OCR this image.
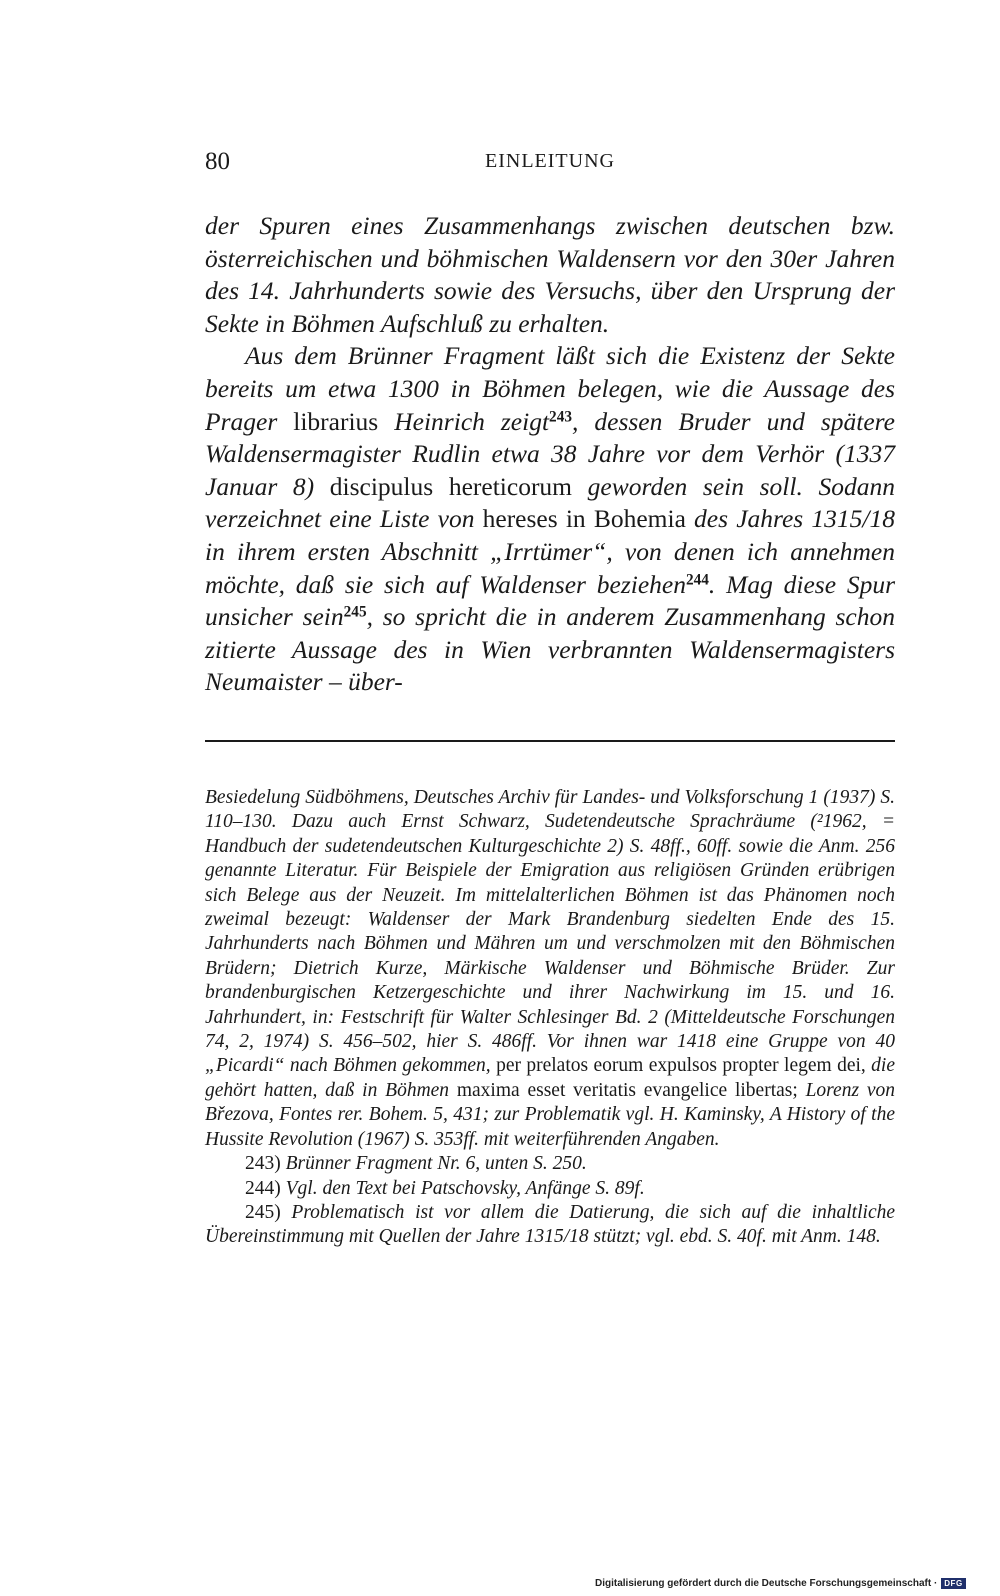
80	EINLEITUNG

der Spuren eines Zusammenhangs zwischen deutschen bzw. österreichischen und böhmischen Waldensern vor den 30er Jahren des 14. Jahrhunderts sowie des Versuchs, über den Ursprung der Sekte in Böhmen Aufschluß zu erhalten.

Aus dem Brünner Fragment läßt sich die Existenz der Sekte bereits um etwa 1300 in Böhmen belegen, wie die Aussage des Prager librarius Heinrich zeigt$^{243}$, dessen Bruder und spätere Waldensermagister Rudlin etwa 38 Jahre vor dem Verhör (1337 Januar 8) discipulus hereticorum geworden sein soll. Sodann verzeichnet eine Liste von hereses in Bohemia des Jahres 1315/18 in ihrem ersten Abschnitt „Irrtümer“, von denen ich annehmen möchte, daß sie sich auf Waldenser beziehen$^{244}$. Mag diese Spur unsicher sein$^{245}$, so spricht die in anderem Zusammenhang schon zitierte Aussage des in Wien verbrannten Waldensermagisters Neumaister – über-

Besiedelung Südböhmens, Deutsches Archiv für Landes- und Volksforschung 1 (1937) S. 110–130. Dazu auch Ernst Schwarz, Sudetendeutsche Sprachräume (²1962, = Handbuch der sudetendeutschen Kulturgeschichte 2) S. 48ff., 60ff. sowie die Anm. 256 genannte Literatur. Für Beispiele der Emigration aus religiösen Gründen erübrigen sich Belege aus der Neuzeit. Im mittelalterlichen Böhmen ist das Phänomen noch zweimal bezeugt: Waldenser der Mark Brandenburg siedelten Ende des 15. Jahrhunderts nach Böhmen und Mähren um und verschmolzen mit den Böhmischen Brüdern; Dietrich Kurze, Märkische Waldenser und Böhmische Brüder. Zur brandenburgischen Ketzergeschichte und ihrer Nachwirkung im 15. und 16. Jahrhundert, in: Festschrift für Walter Schlesinger Bd. 2 (Mitteldeutsche Forschungen 74, 2, 1974) S. 456–502, hier S. 486ff. Vor ihnen war 1418 eine Gruppe von 40 „Picardi“ nach Böhmen gekommen, per prelatos eorum expulsos propter legem dei, die gehört hatten, daß in Böhmen maxima esset veritatis evangelice libertas; Lorenz von Březova, Fontes rer. Bohem. 5, 431; zur Problematik vgl. H. Kaminsky, A History of the Hussite Revolution (1967) S. 353ff. mit weiterführenden Angaben.

243) Brünner Fragment Nr. 6, unten S. 250.

244) Vgl. den Text bei Patschovsky, Anfänge S. 89f.

245) Problematisch ist vor allem die Datierung, die sich auf die inhaltliche Übereinstimmung mit Quellen der Jahre 1315/18 stützt; vgl. ebd. S. 40f. mit Anm. 148.

Digitalisierung gefördert durch die Deutsche Forschungsgemeinschaft · DFG
